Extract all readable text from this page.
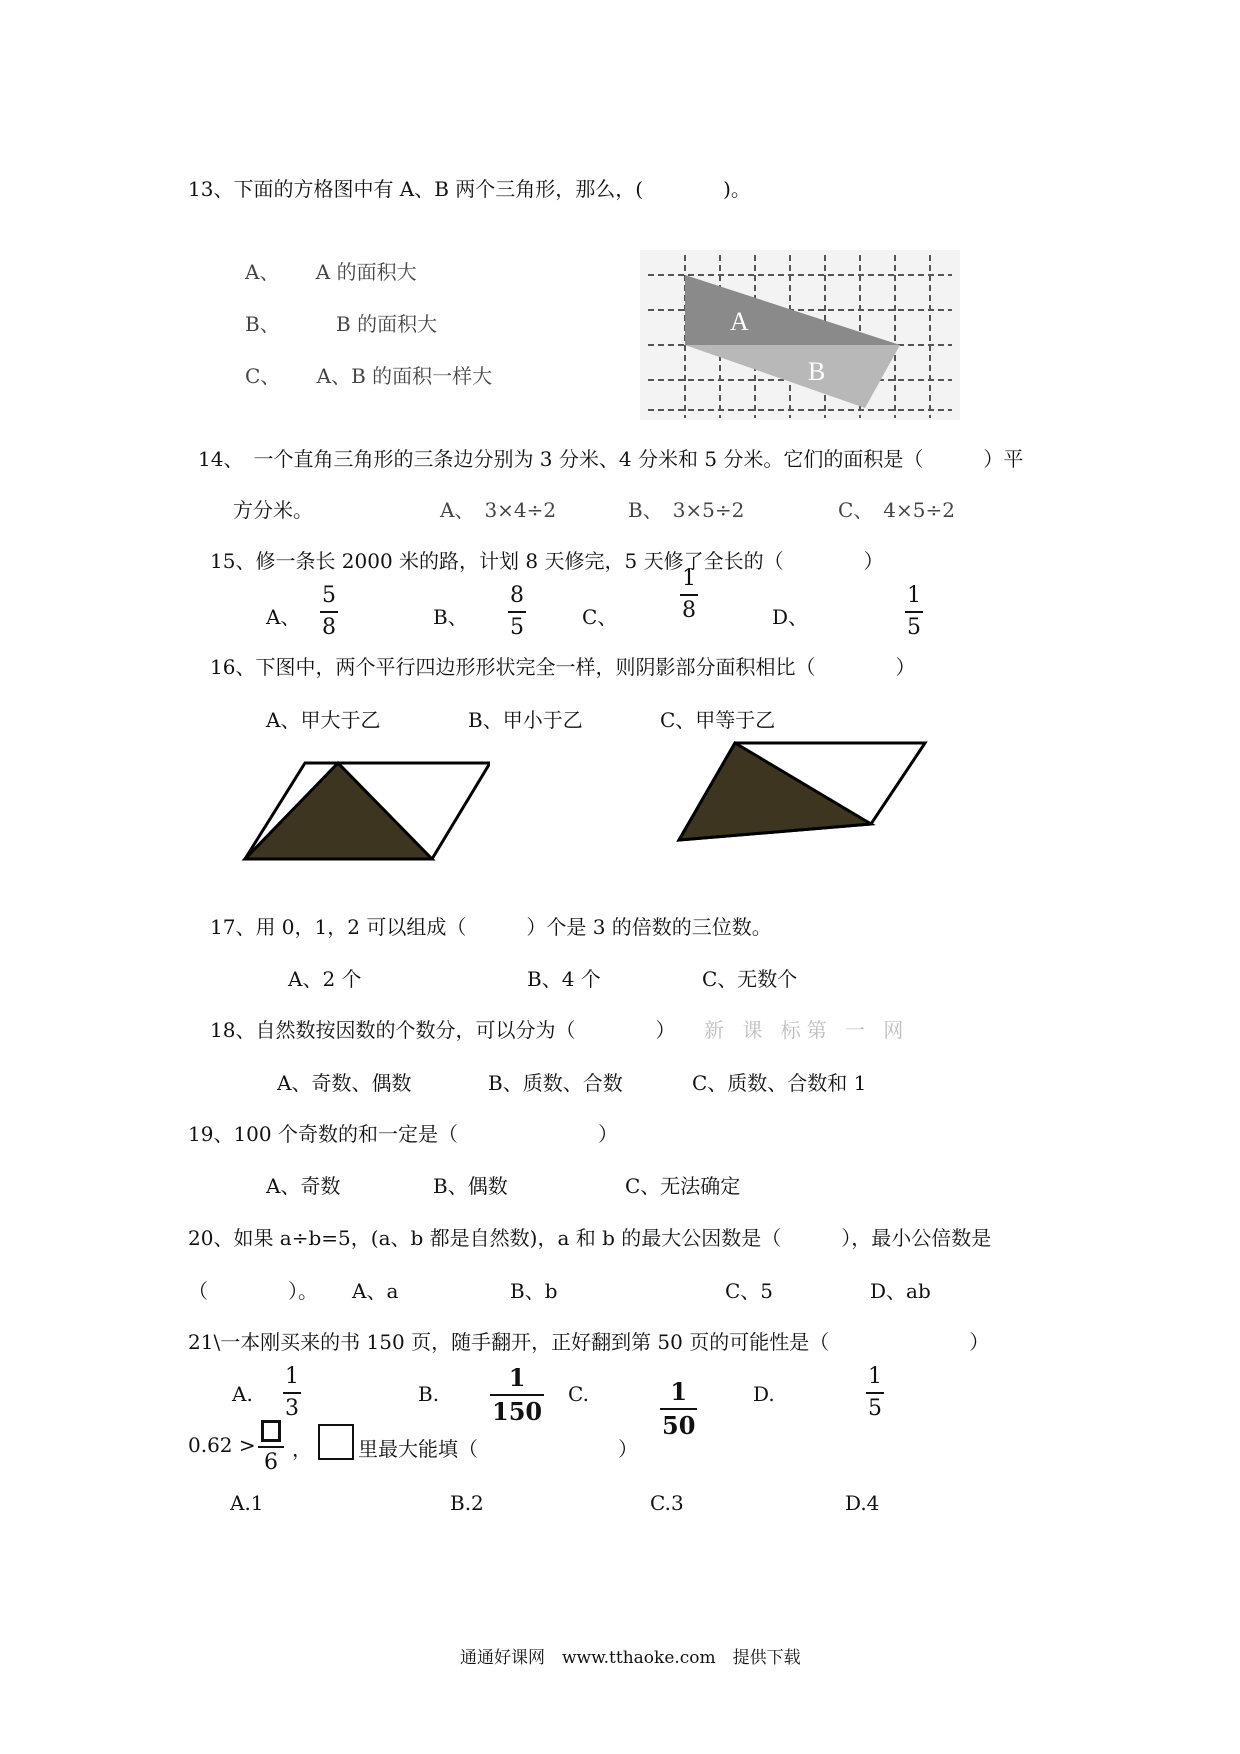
13、下面的方格图中有 A、B 两个三角形，那么，(　　　　)。
A、　　 A 的面积大
B、　　　 B 的面积大
C、　　 A、B 的面积一样大
A
B
14、　一个直角三角形的三条边分别为 3 分米、4 分米和 5 分米。它们的面积是（　　　）平
方分米。	A、　3×4÷2	B、　3×5÷2	C、　4×5÷2
15、修一条长 2000 米的路，计划 8 天修完，5 天修了全长的（　　　　）
A、
5
8	B、
8
5	C、
1
8	D、
1
5
16、下图中，两个平行四边形形状完全一样，则阴影部分面积相比（　　　　）
A、甲大于乙	B、甲小于乙	C、甲等于乙
17、用 0，1，2 可以组成（　　　）个是 3 的倍数的三位数。
A、2 个	B、4 个	C、无数个
18、自然数按因数的个数分，可以分为（　　　　） 新 课 标第 一 网
A、奇数、偶数	B、质数、合数	C、质数、合数和 1
19、100 个奇数的和一定是（　　　　　　　）
A、奇数	B、偶数	C、无法确定
20、如果 a÷b=5，(a、b 都是自然数)，a 和 b 的最大公因数是（　　　），最小公倍数是
（　　　　）。 A、a	B、b	C、5	D、ab
21\一本刚买来的书 150 页，随手翻开，正好翻到第 50 页的可能性是（　　　　　　　）
A.
1
3
B.
1
150
C.	1
50
D.
1
5
0.62 >
6
， 里最大能填（　　　　　　　）
A.1	B.2	C.3	D.4
通通好课网　www.tthaoke.com　提供下载
